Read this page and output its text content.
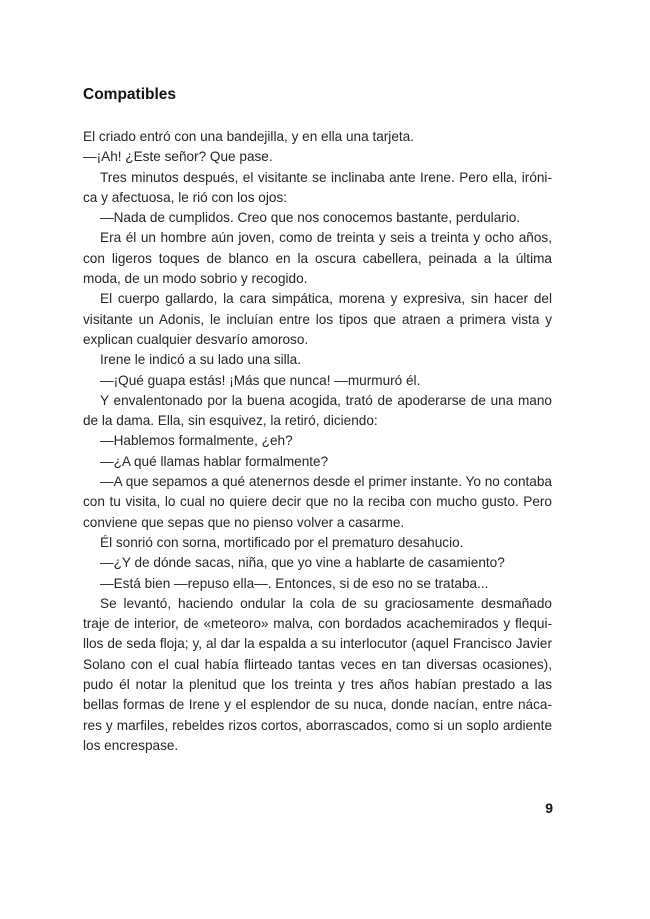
Compatibles

El criado entró con una bandejilla, y en ella una tarjeta.

—¡Ah! ¿Este señor? Que pase.

Tres minutos después, el visitante se inclinaba ante Irene. Pero ella, irónica y afectuosa, le rió con los ojos:

—Nada de cumplidos. Creo que nos conocemos bastante, perdulario.

Era él un hombre aún joven, como de treinta y seis a treinta y ocho años, con ligeros toques de blanco en la oscura cabellera, peinada a la última moda, de un modo sobrio y recogido.

El cuerpo gallardo, la cara simpática, morena y expresiva, sin hacer del visitante un Adonis, le incluían entre los tipos que atraen a primera vista y explican cualquier desvarío amoroso.

Irene le indicó a su lado una silla.

—¡Qué guapa estás! ¡Más que nunca! —murmuró él.

Y envalentonado por la buena acogida, trató de apoderarse de una mano de la dama. Ella, sin esquivez, la retiró, diciendo:

—Hablemos formalmente, ¿eh?

—¿A qué llamas hablar formalmente?

—A que sepamos a qué atenernos desde el primer instante. Yo no contaba con tu visita, lo cual no quiere decir que no la reciba con mucho gusto. Pero conviene que sepas que no pienso volver a casarme.

Él sonrió con sorna, mortificado por el prematuro desahucio.

—¿Y de dónde sacas, niña, que yo vine a hablarte de casamiento?

—Está bien —repuso ella—. Entonces, si de eso no se trataba...

Se levantó, haciendo ondular la cola de su graciosamente desmañado traje de interior, de «meteoro» malva, con bordados acachemirados y flequillos de seda floja; y, al dar la espalda a su interlocutor (aquel Francisco Javier Solano con el cual había flirteado tantas veces en tan diversas ocasiones), pudo él notar la plenitud que los treinta y tres años habían prestado a las bellas formas de Irene y el esplendor de su nuca, donde nacían, entre nácares y marfiles, rebeldes rizos cortos, aborrascados, como si un soplo ardiente los encrespase.

9
